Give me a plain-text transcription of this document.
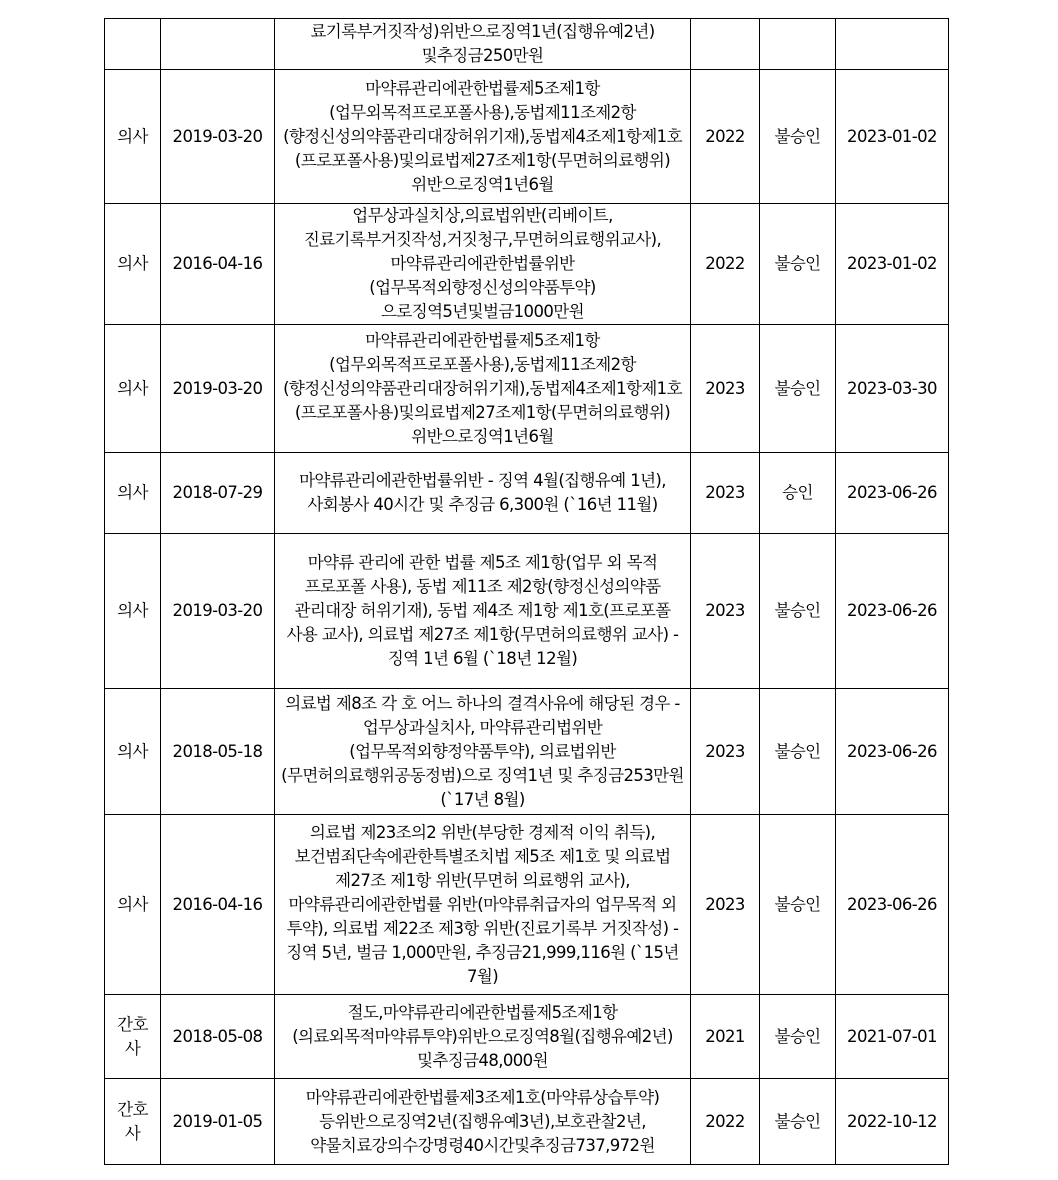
		료기록부거짓작성)위반으로징역1년(집행유예2년)및추징금250만원			
의사	2019-03-20	마약류관리에관한법률제5조제1항(업무외목적프로포폴사용),동법제11조제2항(향정신성의약품관리대장허위기재),동법제4조제1항제1호(프로포폴사용)및의료법제27조제1항(무면허의료행위)위반으로징역1년6월	2022	불승인	2023-01-02
의사	2016-04-16	업무상과실치상,의료법위반(리베이트,진료기록부거짓작성,거짓청구,무면허의료행위교사),마약류관리에관한법률위반(업무목적외향정신성의약품투약)으로징역5년및벌금1000만원	2022	불승인	2023-01-02
의사	2019-03-20	마약류관리에관한법률제5조제1항(업무외목적프로포폴사용),동법제11조제2항(향정신성의약품관리대장허위기재),동법제4조제1항제1호(프로포폴사용)및의료법제27조제1항(무면허의료행위)위반으로징역1년6월	2023	불승인	2023-03-30
의사	2018-07-29	마약류관리에관한법률위반 - 징역 4월(집행유예 1년), 사회봉사 40시간 및 추징금 6,300원 (`16년 11월)	2023	승인	2023-06-26
의사	2019-03-20	마약류 관리에 관한 법률 제5조 제1항(업무 외 목적 프로포폴 사용), 동법 제11조 제2항(향정신성의약품 관리대장 허위기재), 동법 제4조 제1항 제1호(프로포폴 사용 교사), 의료법 제27조 제1항(무면허의료행위 교사) - 징역 1년 6월 (`18년 12월)	2023	불승인	2023-06-26
의사	2018-05-18	의료법 제8조 각 호 어느 하나의 결격사유에 해당된 경우 - 업무상과실치사, 마약류관리법위반(업무목적외향정약품투약), 의료법위반(무면허의료행위공동정범)으로 징역1년 및 추징금253만원(`17년 8월)	2023	불승인	2023-06-26
의사	2016-04-16	의료법 제23조의2 위반(부당한 경제적 이익 취득), 보건범죄단속에관한특별조치법 제5조 제1호 및 의료법 제27조 제1항 위반(무면허 의료행위 교사), 마약류관리에관한법률 위반(마약류취급자의 업무목적 외 투약), 의료법 제22조 제3항 위반(진료기록부 거짓작성) - 징역 5년, 벌금 1,000만원, 추징금21,999,116원 (`15년 7월)	2023	불승인	2023-06-26
간호사	2018-05-08	절도,마약류관리에관한법률제5조제1항(의료외목적마약류투약)위반으로징역8월(집행유예2년)및추징금48,000원	2021	불승인	2021-07-01
간호사	2019-01-05	마약류관리에관한법률제3조제1호(마약류상습투약)등위반으로징역2년(집행유예3년),보호관찰2년,약물치료강의수강명령40시간및추징금737,972원	2022	불승인	2022-10-12
